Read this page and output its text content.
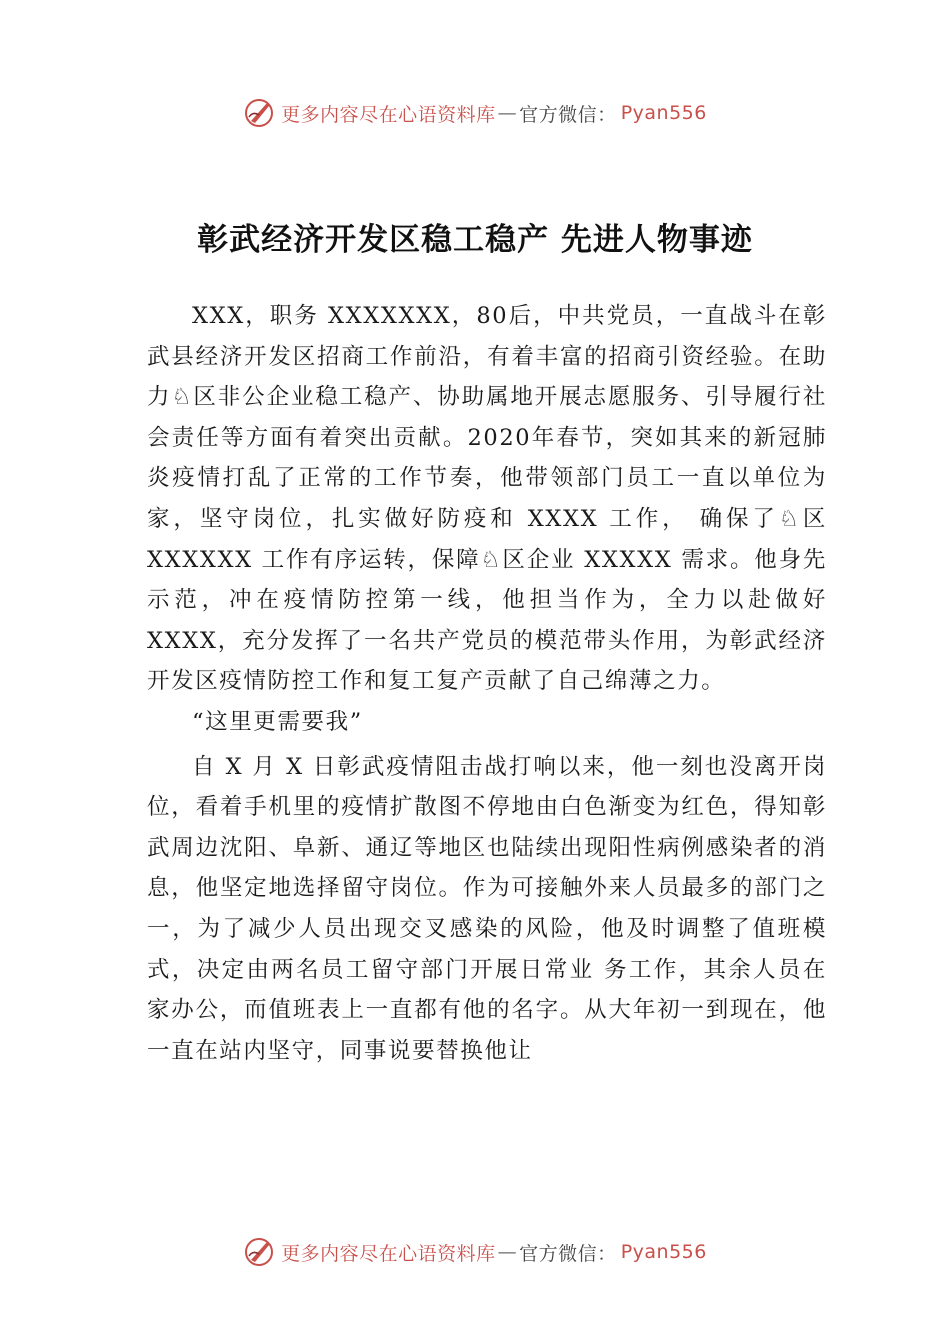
更多内容尽在心语资料库 — 官方微信： Pyan556
彰武经济开发区稳工稳产 先进人物事迹

XXX，职务 XXXXXXX，80后，中共党员，一直战斗在彰武县经济开发区招商工作前沿，有着丰富的招商引资经验。在助力♘区非公企业稳工稳产、协助属地开展志愿服务、引导履行社会责任等方面有着突出贡献。2020年春节，突如其来的新冠肺炎疫情打乱了正常的工作节奏，他带领部门员工一直以单位为家，坚守岗位，扎实做好防疫和 XXXX 工作， 确保了♘区 XXXXXX 工作有序运转，保障♘区企业 XXXXX 需求。他身先示范，冲在疫情防控第一线，他担当作为，全力以赴做好 XXXX，充分发挥了一名共产党员的模范带头作用，为彰武经济开发区疫情防控工作和复工复产贡献了自己绵薄之力。

“这里更需要我”

自 X 月 X 日彰武疫情阻击战打响以来，他一刻也没离开岗位，看着手机里的疫情扩散图不停地由白色渐变为红色，得知彰武周边沈阳、阜新、通辽等地区也陆续出现阳性病例感染者的消息，他坚定地选择留守岗位。作为可接触外来人员最多的部门之一，为了减少人员出现交叉感染的风险，他及时调整了值班模式，决定由两名员工留守部门开展日常业 务工作，其余人员在家办公，而值班表上一直都有他的名字。从大年初一到现在，他一直在站内坚守，同事说要替换他让

更多内容尽在心语资料库 — 官方微信： Pyan556
